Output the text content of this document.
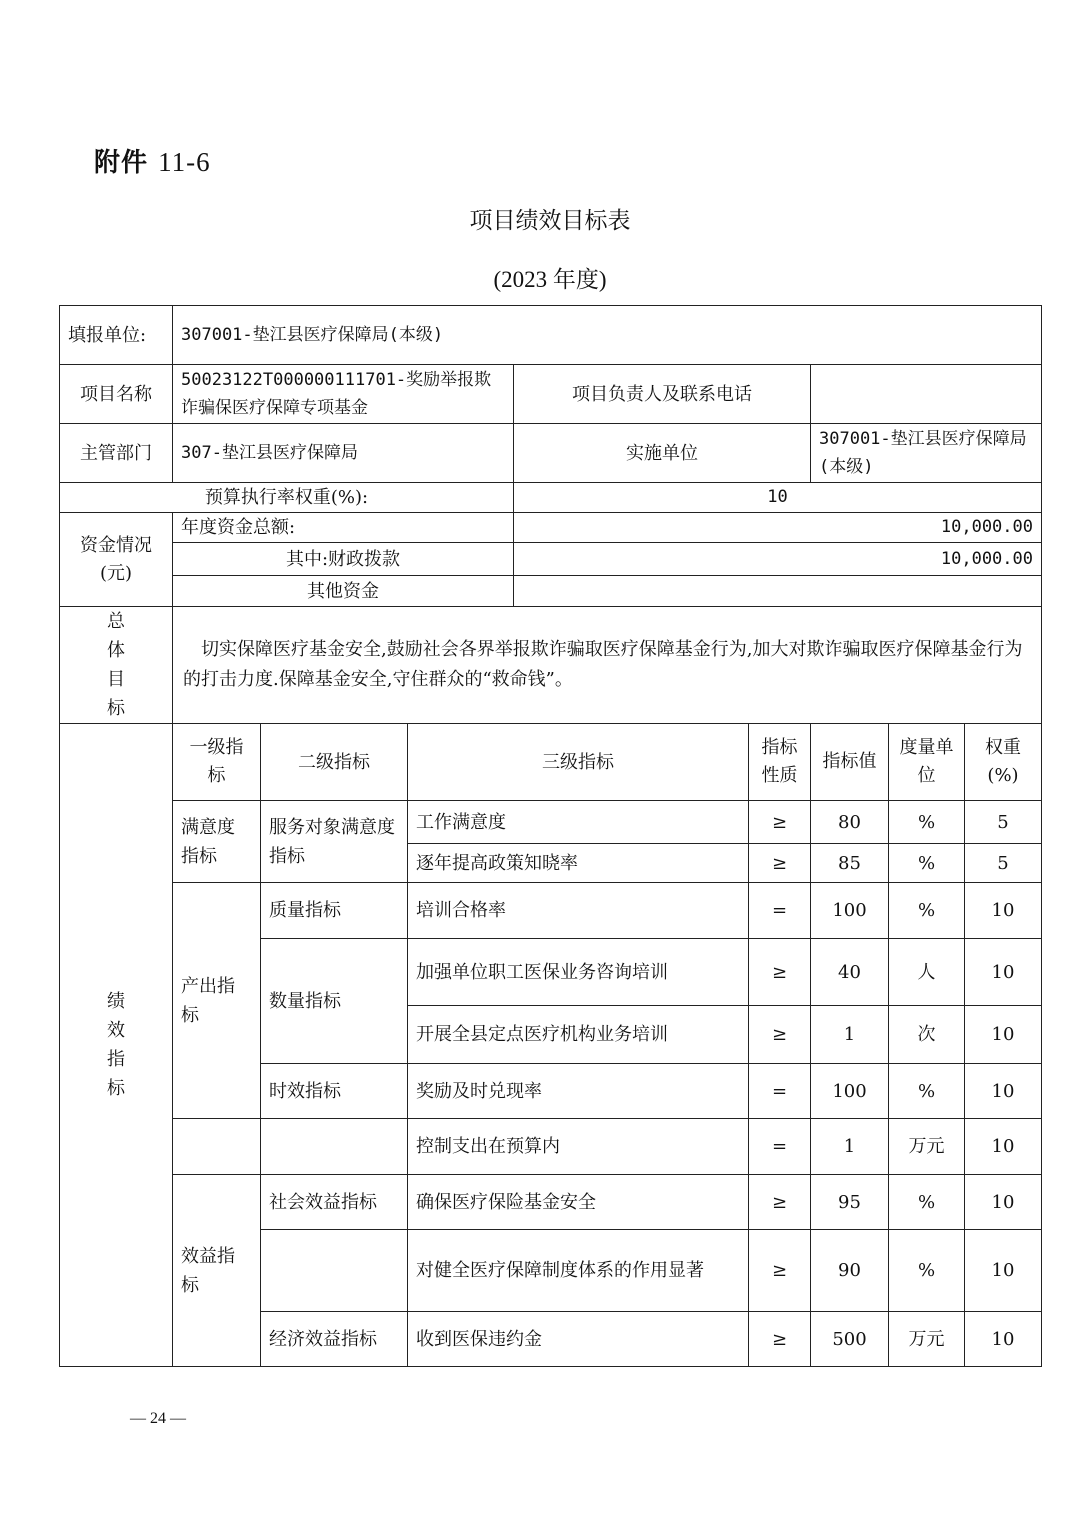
附件 11-6
项目绩效目标表
(2023 年度)
填报单位:	307001-垫江县医疗保障局(本级)							
项目名称	50023122T000000111701-奖励举报欺诈骗保医疗保障专项基金			项目负责人及联系电话				
主管部门	307-垫江县医疗保障局			实施单位		307001-垫江县医疗保障局(本级)		
预算执行率权重(%):				10				
资金情况(元)	年度资金总额:			10,000.00				
	其中:财政拨款			10,000.00				
	其他资金							

总
体
目
标	切实保障医疗基金安全,鼓励社会各界举报欺诈骗取医疗保障基金行为,加大对欺诈骗取医疗保障基金行为的打击力度.保障基金安全,守住群众的“救命钱”。							

绩
效
指
标	一级指标	二级指标	三级指标		指标性质	指标值	度量单位	权重(%)
	满意度指标	服务对象满意度指标	工作满意度		≥	80	%	5
			逐年提高政策知晓率		≥	85	%	5
	产出指标	质量指标	培训合格率		=	100	%	10
		数量指标	加强单位职工医保业务咨询培训		≥	40	人	10
			开展全县定点医疗机构业务培训		≥	1	次	10
		时效指标	奖励及时兑现率		=	100	%	10
			控制支出在预算内		=	1	万元	10
	效益指标	社会效益指标	确保医疗保险基金安全		≥	95	%	10
			对健全医疗保障制度体系的作用显著		≥	90	%	10
		经济效益指标	收到医保违约金		≥	500	万元	10
— 24 —
